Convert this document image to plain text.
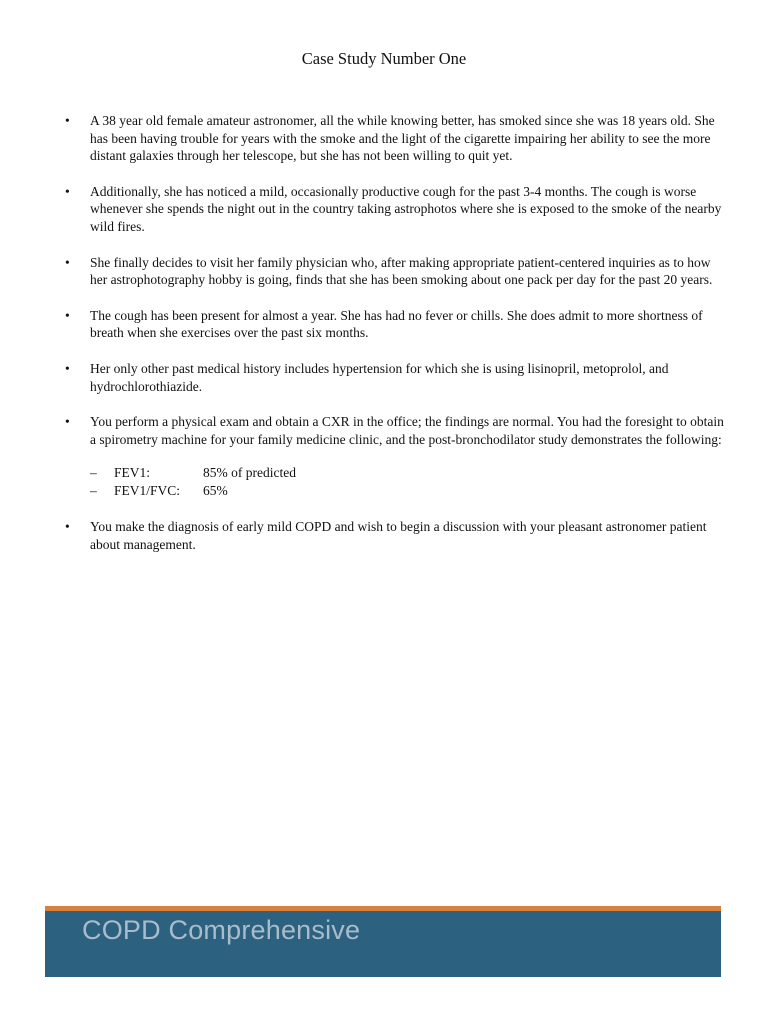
Case Study Number One
• A 38 year old female amateur astronomer, all the while knowing better, has smoked since she was 18 years old. She has been having trouble for years with the smoke and the light of the cigarette impairing her ability to see the more distant galaxies through her telescope, but she has not been willing to quit yet.
• Additionally, she has noticed a mild, occasionally productive cough for the past 3-4 months. The cough is worse whenever she spends the night out in the country taking astrophotos where she is exposed to the smoke of the nearby wild fires.
• She finally decides to visit her family physician who, after making appropriate patient-centered inquiries as to how her astrophotography hobby is going, finds that she has been smoking about one pack per day for the past 20 years.
• The cough has been present for almost a year. She has had no fever or chills. She does admit to more shortness of breath when she exercises over the past six months.
• Her only other past medical history includes hypertension for which she is using lisinopril, metoprolol, and hydrochlorothiazide.
• You perform a physical exam and obtain a CXR in the office; the findings are normal. You had the foresight to obtain a spirometry machine for your family medicine clinic, and the post-bronchodilator study demonstrates the following:
– FEV1:	85% of predicted
– FEV1/FVC: 65%
• You make the diagnosis of early mild COPD and wish to begin a discussion with your pleasant astronomer patient about management.
COPD Comprehensive
